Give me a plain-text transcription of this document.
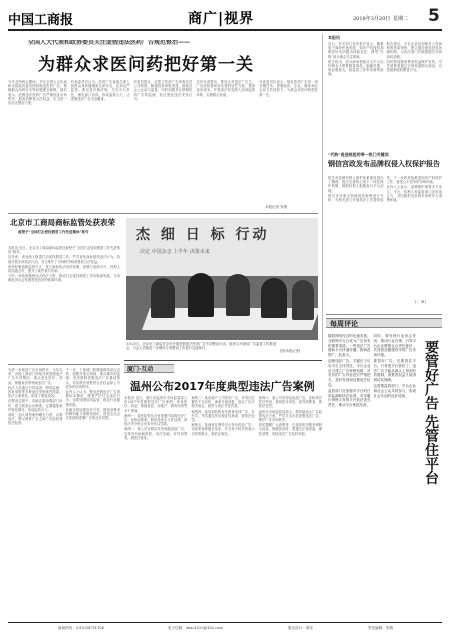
中国工商报	商广|视界	2018年3月20日 星期二 5
全国人大代表和政协委员关注虚假违法医药广告规范整治——
为群众求医问药把好第一关

今年全国两会期间，多名全国人大代表和全国政协委员围绕规范医药广告、保障群众用药安全等问题建言献策。他们表示，虚假违法医药广告严重扰乱市场秩序，损害消费者合法权益，应当进一步加大整治力度。

代表委员们认为，医药广告直接关系人民群众身体健康和生命安全，必须从严监管。要完善法律法规，压实平台责任，强化部门协同，形成监管合力，让虚假违法广告无处藏身。

有委员建议，应建立医药广告审查信息公开制度，畅通投诉举报渠道，鼓励社会公众参与监督。同时加强对互联网医药广告的监测，依法查处违法发布行为。

还有代表提出，要加大对违法广告主、广告经营者和发布者的处罚力度，提高违法成本，并将违法信息纳入信用监管体系，实施联合惩戒。

代表委员们表示，规范医药广告是一项长期任务，需要政府、企业、媒体和社会各方共同努力，为群众求医问药把好第一关。

本报记者 李燕
本报讯

近日，有关部门发布报告显示，随着电子商务快速发展，知识产权侵权和假冒伪劣问题出现新变化，网络“代购”成为重点关注领域。

报告指出，部分商家借助社交平台以代购名义销售假冒商品，隐蔽性强、取证难度大，给监管工作带来新的挑战。

报告建议，平台企业应加强对入驻商家的资质审核，建立健全侵权投诉处理机制，与执法部门开展数据共享和协同治理。

同时要加强消费者权益保护宣传，引导消费者通过正规渠道购买商品，自觉抵制侵权假冒行为。

“代购”是违规医药等一热门关键词
钢信宫政发布品牌权侵入权保护报告

报告对品牌权利人保护体系建设进行了梳理，提出完善线上线下一体化保护机制，鼓励权利人积极参与平台治理。

报告还对重点领域侵权案例进行分析，为相关部门开展执法工作提供参考。下一步将持续推进知识产权保护工作，营造公平竞争的市场环境。

业内人士表示，品牌保护需要多方参与，平台、权利人和监管部门应形成合力，共同维护良好的市场秩序与消费环境。

(二 章)
北京市工商局商标监管处获表荣
被授予“全国打击侵权假冒工作先进集体”称号

本报讯 近日，北京市工商局商标监管处被授予“全国打击侵权假冒工作先进集体”称号。

近年来，该处深入推进打击侵权假冒工作，严厉查处商标侵权违法行为，持续开展专项执法行动，有力维护了市场秩序和消费者合法权益。

该处积极创新监管方式，建立商标执法协作机制，加强与电商平台、权利人的沟通合作，提升了案件查办效率。

今后，该处将继续加大执法力度，推动打击侵权假冒工作向纵深发展，为首都经济社会发展营造良好的营商环境。

杰 细 日 标 行动
决定 中国杂志 上半年 决策未来
3月20日，北京市工商局在全市开展虚假违法医药广告专项整治行动，组织召开商标广告监管工作推进会，与会人员就进一步做好专项整治工作进行交流探讨。
(图/本报记者)
每周评论

随着网络经济的迅速发展，互联网平台已成为广告发布的重要渠道。一些违法广告借助平台快速传播，影响范围广、危害大。

治理违法广告，关键在于压实平台主体责任。平台企业应当建立广告审核机制，对发布的广告内容进行严格把关，及时发现和处置违法信息。

监管部门应加强对平台的日常监测和执法检查，对未履行审核义务的平台依法追究责任，推动平台规范经营。

同时，要发挥行业协会作用，推动行业自律，引导平台企业增强社会责任意识，共同营造健康有序的广告市场环境。

要管好广告，先要管住平台。只有把平台管好了，违法广告才能从源头上得到有效遏制，消费者权益才能得到切实保障。

这需要监管部门、平台企业和社会公众共同参与，形成社会共治的良好局面。	要管好广告 先管住平台

为进一步规范广告市场秩序，今年以来，各地工商部门持续开展虚假违法广告专项整治，重点查处医疗、药品、保健食品等领域违法广告。

执法人员通过日常巡查、网络监测、投诉举报等多种途径发现案件线索，依法立案查处，取得了明显成效。

在整治过程中，各地注重加强部门协作，建立联席会议制度，定期通报案件查处情况，形成监管合力。

同时，加大典型案例曝光力度，以案说法，警示教育广告主和广告经营者依法经营。

下一步，工商部门将继续保持高压态势，加强对重点领域、重点媒介的监测，坚决遏制虚假违法广告蔓延势头，切实维护消费者合法权益和公平竞争的市场秩序。

业内人士认为，整治虚假违法广告需要标本兼治，既要严厉打击违法行为，也要加强信用监管，推动行业健康发展。

各地还将加强宣传引导，提高消费者的辨别能力和维权意识，营造全社会共同抵制虚假广告的良好氛围。

厦门·互动
温州公布2017年度典型违法广告案例

本报讯 近日，浙江省温州市市场监管局公布2017年度典型违法广告案例，涉及医疗、药品、保健食品、房地产、教育培训等多个领域。

案例一：某医院发布含有虚假内容的医疗广告，宣称治愈率，利用患者名义作证明，被依法责令停止发布并处以罚款。

案例二：某公司在网站发布保健食品广告，宣传具有疾病预防、治疗功能，误导消费者，被依法查处。

案例三：某房地产公司发布广告，对项目位置作不实宣传，承诺升值回报，违反广告法相关规定，被责令改正并处罚款。

案例四：某培训机构发布教育培训广告，对升学、考试通过作出保证性承诺，被依法处罚。

案例五：某商家在网络平台发布药品广告，未经审查即擅自发布，并含有不科学的表示功效的断言，被依法查处。

案例六：某公司发布化妆品广告，宣称具有医疗作用，使用医疗用语，误导消费者，被依法处罚。

温州市市场监管局表示，将持续加大广告监管执法力度，严厉打击各类虚假违法广告，维护广告市场秩序。

同时提醒广大消费者，在选择医疗服务和购买药品、保健食品时，要通过正规渠道，理性消费，发现违法广告及时举报。

新闻热线：(010)34751106	电子信箱：zhao1033@163.com	版式设计：黄安	责任编辑：李燕
